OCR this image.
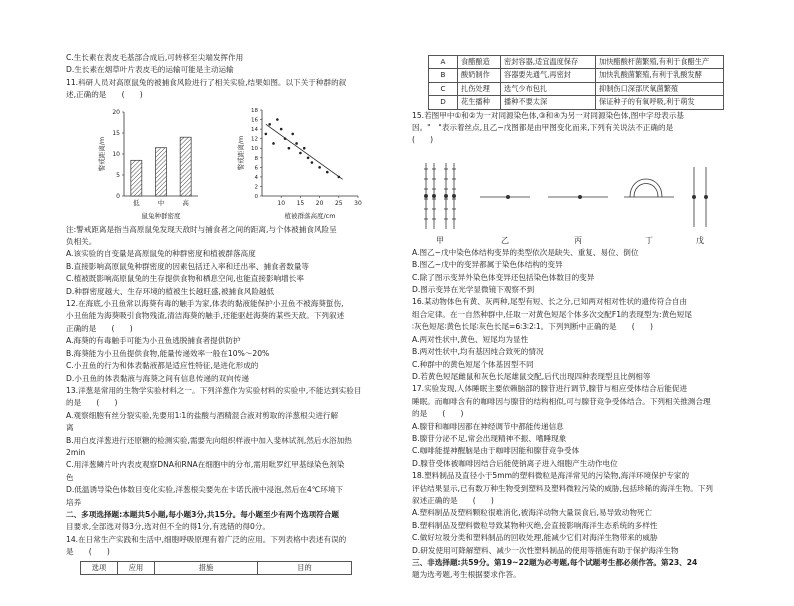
C.生长素在表皮毛基部合成后,可转移至尖端发挥作用
D.生长素在烟草叶片表皮毛的运输可能是主动运输
11.科研人员对高原鼠兔的被捕食风险进行了相关实验,结果如图。以下关于种群的叙
述,正确的是　　(　　)
0
5
10
15
20
低	中	高
警戒距离/m
鼠兔种群密度
0
2
4
6
8
10
12
14
16
18
10 15 20 25 30
警戒距离/m
植被群落高度/cm
注:警戒距离是指当高原鼠兔发现天敌时与捕食者之间的距离,与个体被捕食风险呈
负相关。
A.该实验的自变量是高原鼠兔的种群密度和植被群落高度
B.直接影响高原鼠兔种群密度的因素包括迁入率和迁出率、捕食者数量等
C.植被既影响高原鼠兔的生存提供食物和栖息空间,也能直接影响增长率
D.种群密度越大、生存环境的植被生长越旺盛,被捕食风险越低
12.在海底,小丑鱼常以海葵有毒的触手为家,体表的黏液能保护小丑鱼不被海葵蜇伤,
小丑鱼能为海葵吸引食物残渣,清洁海葵的触手,还能驱赶海葵的某些天敌。下列叙述
正确的是　　(　　)
A.海葵的有毒触手可能为小丑鱼逃脱捕食者提供防护
B.海葵能为小丑鱼提供食物,能量传递效率一般在10%～20%
C.小丑鱼的行为和体表黏液都是适应性特征,是进化形成的
D.小丑鱼的体表黏液与海葵之间有信息传递的双向传递
13.洋葱是常用的生物学实验材料之一。下列洋葱作为实验材料的实验中,不能达到实验目
的是　　(　　)
A.观察细胞有丝分裂实验,先要用1∶1的盐酸与酒精混合液对剪取的洋葱根尖进行解
离
B.用白皮洋葱进行还原糖的检测实验,需要先向组织样液中加入斐林试剂,然后水浴加热
2min
C.用洋葱鳞片叶内表皮观察DNA和RNA在细胞中的分布,需用吡罗红甲基绿染色剂染
色
D.低温诱导染色体数目变化实验,洋葱根尖要先在卡诺氏液中浸泡,然后在4℃环境下
培养
二、多项选择题:本题共5小题,每小题3分,共15分。每小题至少有两个选项符合题
目要求,全部选对得3分,选对但不全的得1分,有选错的得0分。
14.在日常生产实践和生活中,细胞呼吸原理有着广泛的应用。下列表格中表述有误的
是　　(　　)
选项	应用	措施	目的
A	食醋酿造	密封容器,适宜温度保存	加快醋酸杆菌繁殖,有利于食醋生产
B	酸奶制作	容器要先通气,再密封	加快乳酸菌繁殖,有利于乳酸发酵
C	扎伤处理	选气少布包扎	抑制伤口深部厌氧菌繁殖
D	花生播种	播种不要太深	保证种子的有氧呼吸,利于萌发
15.若图甲中①和②为一对同源染色体,③和④为另一对同源染色体,图中字母表示基
因。"　"表示着丝点,且乙~戊图都是由甲图变化而来,下列有关说法不正确的是
(　　)
甲	乙	丙	丁	戊
A.图乙~戊中染色体结构变异的类型依次是缺失、重复、易位、倒位
B.图乙~戊中的变异都属于染色体结构的变异
C.除了图示变异外染色体变异还包括染色体数目的变异
D.图示变异在光学显微镜下观察不到
16.某动物体色有黄、灰两种,尾型有短、长之分,已知两对相对性状的遗传符合自由
组合定律。在一自然种群中,任取一对黄色短尾个体多次交配F1的表现型为:黄色短尾
∶灰色短尾∶黄色长尾∶灰色长尾=6∶3∶2∶1。下列判断中正确的是　　(　　)
A.两对性状中,黄色、短尾均为显性
B.两对性状中,均有基因纯合致死的情况
C.种群中的黄色短尾个体基因型不同
D.若黄色短尾雌鼠和灰色长尾雄鼠交配,后代出现四种表现型且比例相等
17.实验发现,人体睡眠主要依赖脑部的腺苷进行调节,腺苷与相应受体结合后能促进
睡眠。而咖啡含有的咖啡因与腺苷的结构相似,可与腺苷竞争受体结合。下列相关推测合理
的是　　(　　)
A.腺苷和咖啡因都在神经调节中都能传递信息
B.腺苷分泌不足,常会出现精神不振、嗜睡现象
C.咖啡能提神醒脑是由于咖啡因能和腺苷竞争受体
D.腺苷受体被咖啡因结合后能使钠离子进入细胞产生动作电位
18.塑料制品及直径小于5mm的塑料微粒是海洋常见的污染物,海洋环境保护专家的
评估结果显示,已有数万种生物受到塑料及塑料微粒污染的威胁,包括珍稀的海洋生物。下列
叙述正确的是　　(　　)
A.塑料制品及塑料颗粒很难消化,被海洋动物大量误食后,易导致动物死亡
B.塑料制品及塑料微粒导致某物种灭绝,会直接影响海洋生态系统的多样性
C.做好垃圾分类和塑料制品的回收处理,能减少它们对海洋生物带来的威胁
D.研发使用可降解塑料、减少一次性塑料制品的使用等措施有助于保护海洋生物
三、非选择题:共59分。第19~22题为必考题,每个试题考生都必须作答。第23、24
题为选考题,考生根据要求作答。
